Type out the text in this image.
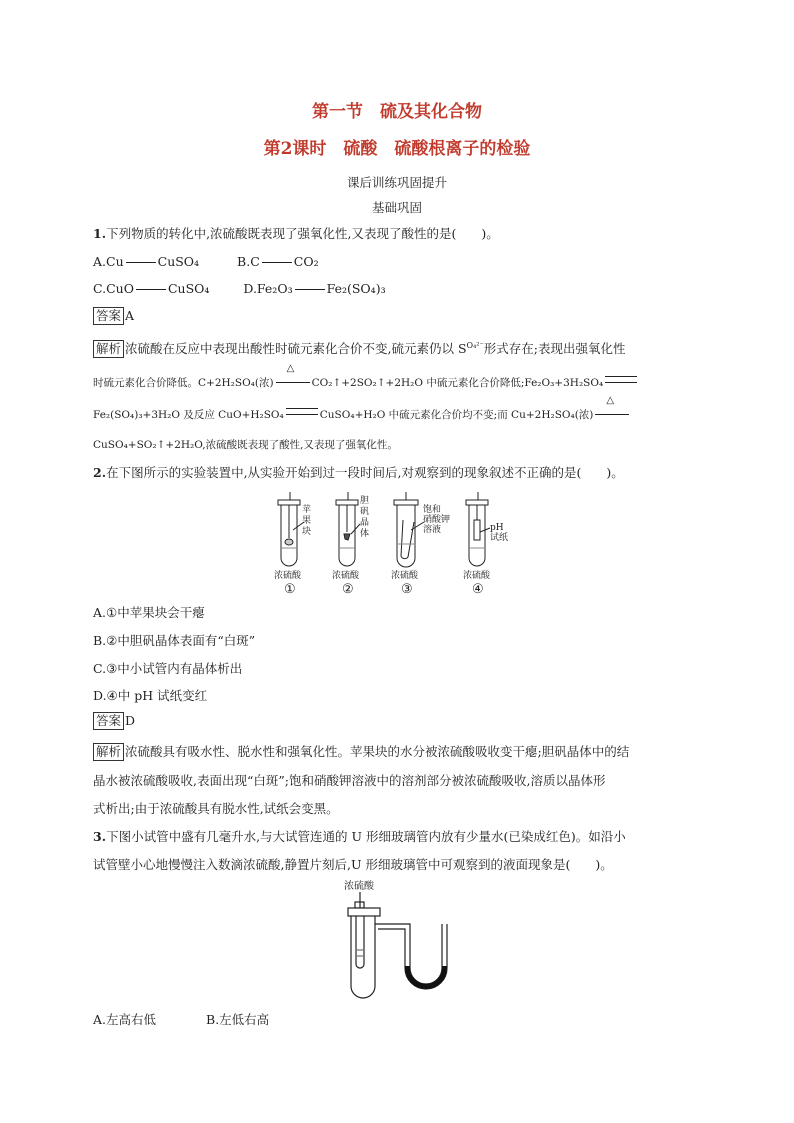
第一节　硫及其化合物
第2课时　硫酸　硫酸根离子的检验
课后训练巩固提升
基础巩固
1.下列物质的转化中,浓硫酸既表现了强氧化性,又表现了酸性的是(　　)。
A.Cu	CuSO₄	B.C	CO₂
C.CuO	CuSO₄	D.Fe₂O₃	Fe₂(SO₄)₃
答案 A
解析 浓硫酸在反应中表现出酸性时硫元素化合价不变,硫元素仍以 $S^{O_4^{2-}}$形式存在;表现出强氧化性
时硫元素化合价降低。C+2H₂SO₄(浓)
△
CO₂↑+2SO₂↑+2H₂O 中硫元素化合价降低;Fe₂O₃+3H₂SO₄
Fe₂(SO₄)₃+3H₂O 及反应 CuO+H₂SO₄	CuSO₄+H₂O 中硫元素化合价均不变;而 Cu+2H₂SO₄(浓)
△
CuSO₄+SO₂↑+2H₂O,浓硫酸既表现了酸性,又表现了强氧化性。
2.在下图所示的实验装置中,从实验开始到过一段时间后,对观察到的现象叙述不正确的是(　　)。
苹果块
胆矾晶体
饱和硝酸钾溶液	pH 试纸
浓硫酸	浓硫酸	浓硫酸	浓硫酸
①	②	③	④
A.①中苹果块会干瘪
B.②中胆矾晶体表面有“白斑”
C.③中小试管内有晶体析出
D.④中 pH 试纸变红
答案 D
解析 浓硫酸具有吸水性、脱水性和强氧化性。苹果块的水分被浓硫酸吸收变干瘪;胆矾晶体中的结
晶水被浓硫酸吸收,表面出现“白斑”;饱和硝酸钾溶液中的溶剂部分被浓硫酸吸收,溶质以晶体形
式析出;由于浓硫酸具有脱水性,试纸会变黑。
3.下图小试管中盛有几毫升水,与大试管连通的 U 形细玻璃管内放有少量水(已染成红色)。如沿小
试管壁小心地慢慢注入数滴浓硫酸,静置片刻后,U 形细玻璃管中可观察到的液面现象是(　　)。
浓硫酸
A.左高右低	B.左低右高
